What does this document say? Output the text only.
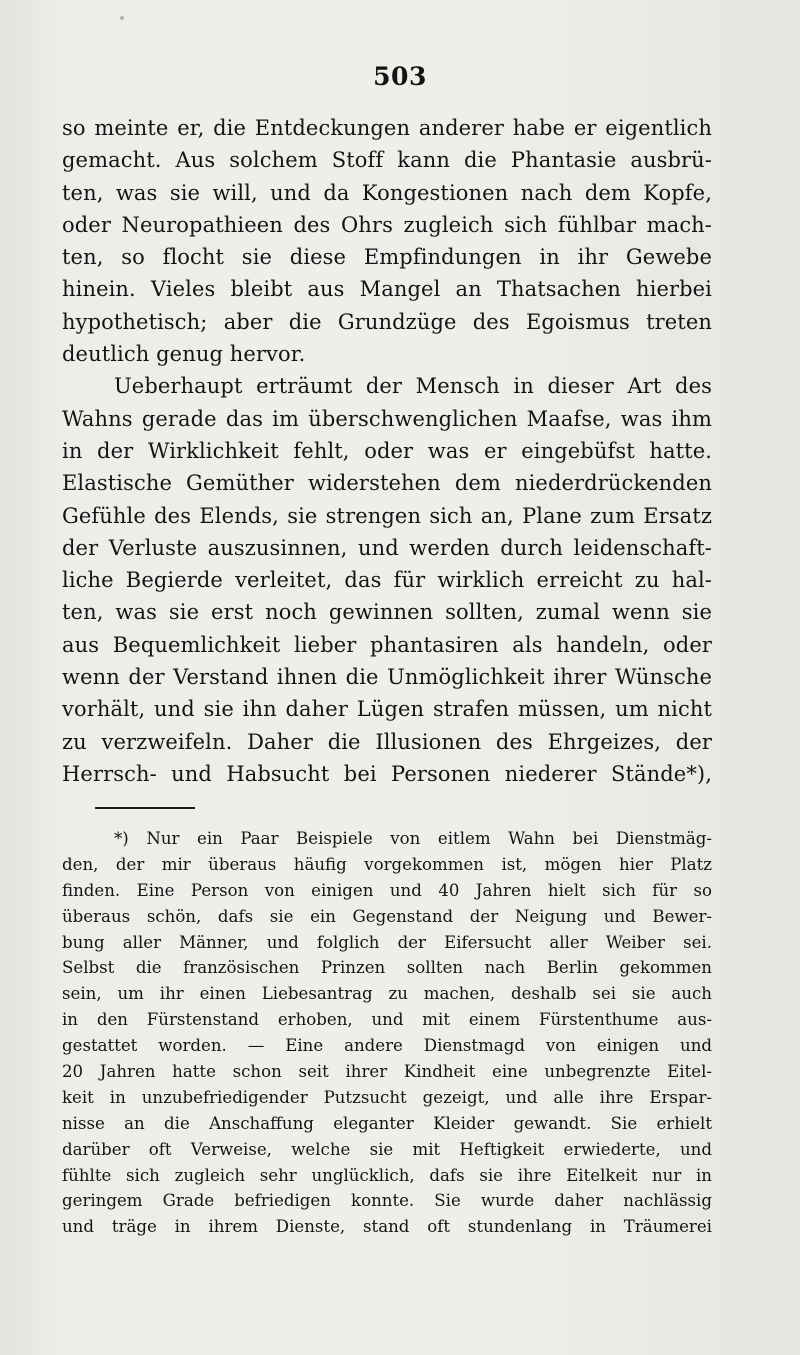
503
so meinte er, die Entdeckungen anderer habe er eigentlich
gemacht. Aus solchem Stoff kann die Phantasie ausbrü-
ten, was sie will, und da Kongestionen nach dem Kopfe,
oder Neuropathieen des Ohrs zugleich sich fühlbar mach-
ten, so flocht sie diese Empfindungen in ihr Gewebe
hinein. Vieles bleibt aus Mangel an Thatsachen hierbei
hypothetisch; aber die Grundzüge des Egoismus treten
deutlich genug hervor.
Ueberhaupt erträumt der Mensch in dieser Art des
Wahns gerade das im überschwenglichen Maafse, was ihm
in der Wirklichkeit fehlt, oder was er eingebüfst hatte.
Elastische Gemüther widerstehen dem niederdrückenden
Gefühle des Elends, sie strengen sich an, Plane zum Ersatz
der Verluste auszusinnen, und werden durch leidenschaft-
liche Begierde verleitet, das für wirklich erreicht zu hal-
ten, was sie erst noch gewinnen sollten, zumal wenn sie
aus Bequemlichkeit lieber phantasiren als handeln, oder
wenn der Verstand ihnen die Unmöglichkeit ihrer Wünsche
vorhält, und sie ihn daher Lügen strafen müssen, um nicht
zu verzweifeln. Daher die Illusionen des Ehrgeizes, der
Herrsch- und Habsucht bei Personen niederer Stände*),
*) Nur ein Paar Beispiele von eitlem Wahn bei Dienstmäg-
den, der mir überaus häufig vorgekommen ist, mögen hier Platz
finden. Eine Person von einigen und 40 Jahren hielt sich für so
überaus schön, dafs sie ein Gegenstand der Neigung und Bewer-
bung aller Männer, und folglich der Eifersucht aller Weiber sei.
Selbst die französischen Prinzen sollten nach Berlin gekommen
sein, um ihr einen Liebesantrag zu machen, deshalb sei sie auch
in den Fürstenstand erhoben, und mit einem Fürstenthume aus-
gestattet worden. — Eine andere Dienstmagd von einigen und
20 Jahren hatte schon seit ihrer Kindheit eine unbegrenzte Eitel-
keit in unzubefriedigender Putzsucht gezeigt, und alle ihre Erspar-
nisse an die Anschaffung eleganter Kleider gewandt. Sie erhielt
darüber oft Verweise, welche sie mit Heftigkeit erwiederte, und
fühlte sich zugleich sehr unglücklich, dafs sie ihre Eitelkeit nur in
geringem Grade befriedigen konnte. Sie wurde daher nachlässig
und träge in ihrem Dienste, stand oft stundenlang in Träumerei
